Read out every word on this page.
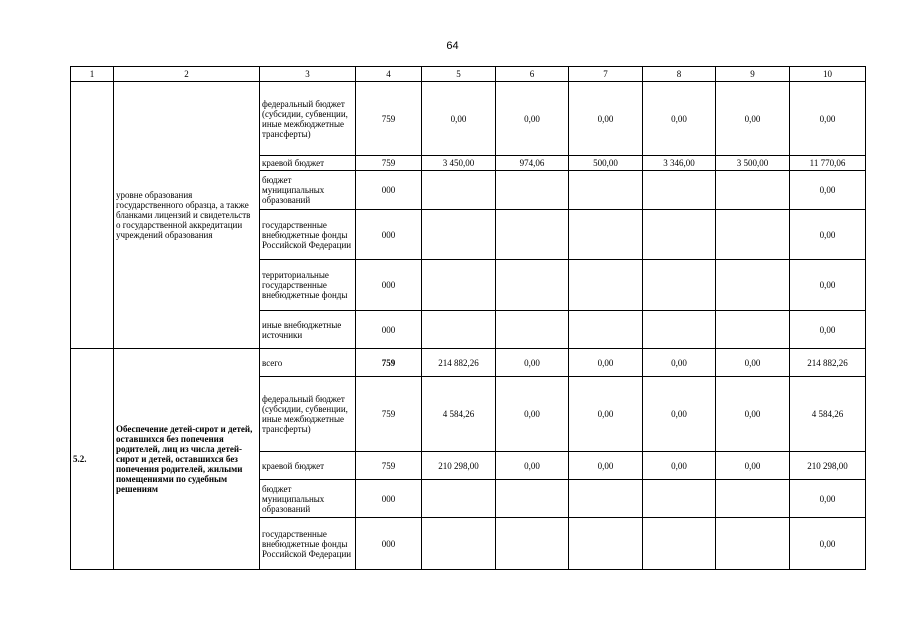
64
1	2	3	4	5	6	7	8	9	10
	уровне образования государственного образца, а также бланками лицензий и свидетельств о государственной аккредитации учреждений образования	федеральный бюджет (субсидии, субвенции, иные межбюджетные трансферты)	759	0,00	0,00	0,00	0,00	0,00	0,00
		краевой бюджет	759	3 450,00	974,06	500,00	3 346,00	3 500,00	11 770,06
		бюджет муниципальных образований	000						0,00
		государственные внебюджетные фонды Российской Федерации	000						0,00
		территориальные государственные внебюджетные фонды	000						0,00
		иные внебюджетные источники	000						0,00
5.2.	Обеспечение детей-сирот и детей, оставшихся без попечения родителей, лиц из числа детей-сирот и детей, оставшихся без попечения родителей, жилыми помещениями по судебным решениям	всего	759	214 882,26	0,00	0,00	0,00	0,00	214 882,26
		федеральный бюджет (субсидии, субвенции, иные межбюджетные трансферты)	759	4 584,26	0,00	0,00	0,00	0,00	4 584,26
		краевой бюджет	759	210 298,00	0,00	0,00	0,00	0,00	210 298,00
		бюджет муниципальных образований	000						0,00
		государственные внебюджетные фонды Российской Федерации	000						0,00
